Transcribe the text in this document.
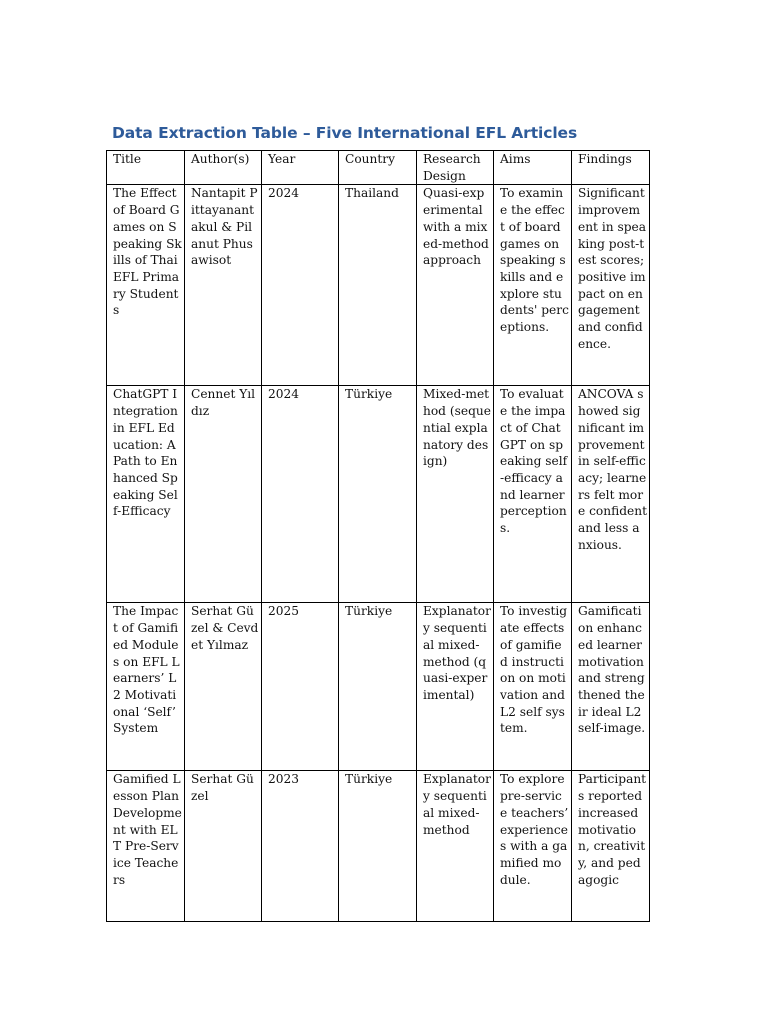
Data Extraction Table – Five International EFL Articles
Title	Author(s)	Year	Country	Research Design	Aims	Findings
The Effect of Board Games on Speaking Skills of Thai EFL Primary Students	Nantapit Pittayanantakul & Pilanut Phusawisot	2024	Thailand	Quasi-experimental with a mixed-method approach	To examine the effect of board games on speaking skills and explore students' perceptions.	Significant improvement in speaking post-test scores; positive impact on engagement and confidence.
ChatGPT Integration in EFL Education: A Path to Enhanced Speaking Self-Efficacy	Cennet Yıldız	2024	Türkiye	Mixed-method (sequential explanatory design)	To evaluate the impact of ChatGPT on speaking self-efficacy and learner perceptions.	ANCOVA showed significant improvement in self-efficacy; learners felt more confident and less anxious.
The Impact of Gamified Modules on EFL Learners’ L2 Motivational ‘Self’ System	Serhat Güzel & Cevdet Yılmaz	2025	Türkiye	Explanatory sequential mixed-method (quasi-experimental)	To investigate effects of gamified instruction on motivation and L2 self system.	Gamification enhanced learner motivation and strengthened their ideal L2 self-image.
Gamified Lesson Plan Development with ELT Pre-Service Teachers	Serhat Güzel	2023	Türkiye	Explanatory sequential mixed-method	To explore pre-service teachers’ experiences with a gamified module.	Participants reported increased motivation, creativity, and pedagogic
